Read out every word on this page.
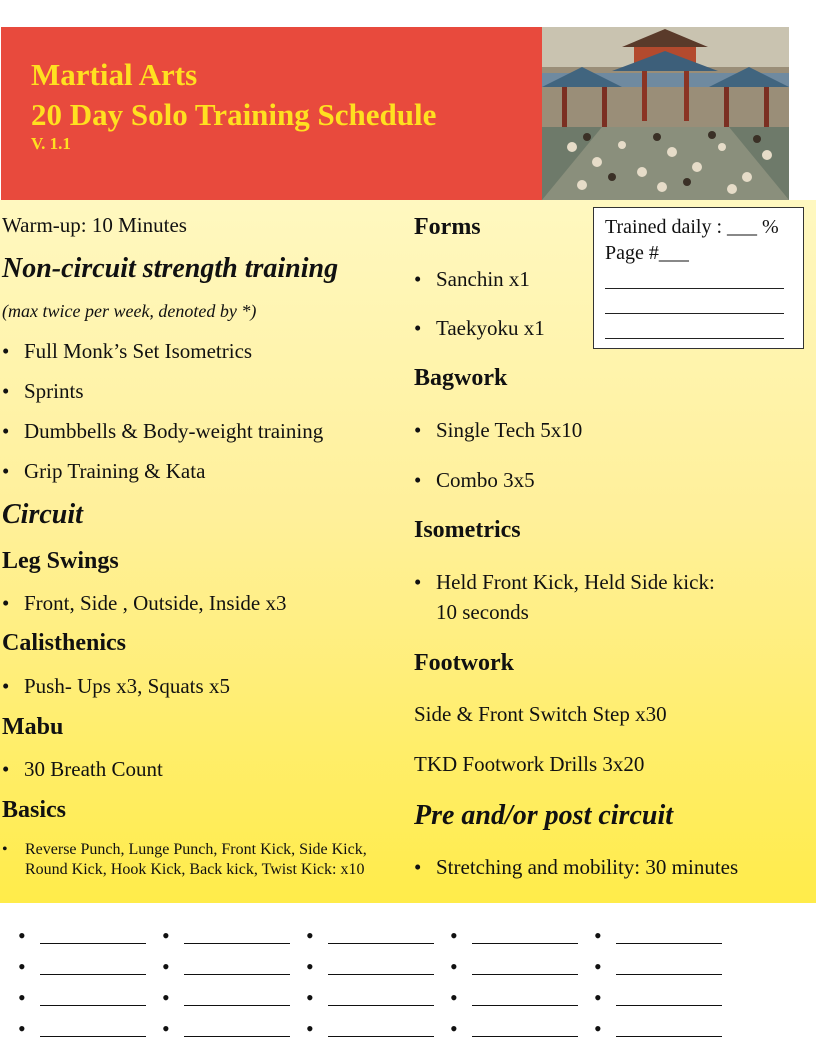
Martial Arts
20 Day Solo Training Schedule
V. 1.1
Warm-up: 10 Minutes
Non-circuit strength training
(max twice per week, denoted by *)
• Full Monk’s Set Isometrics
• Sprints
• Dumbbells & Body-weight training
• Grip Training & Kata
Circuit
Leg Swings
• Front, Side , Outside, Inside x3
Calisthenics
• Push- Ups x3, Squats x5
Mabu
• 30 Breath Count
Basics
• Reverse Punch, Lunge Punch, Front Kick, Side Kick, Round Kick, Hook Kick, Back kick, Twist Kick: x10
Forms
• Sanchin x1
• Taekyoku x1
Bagwork
• Single Tech 5x10
• Combo 3x5
Isometrics
• Held Front Kick, Held Side kick:
10 seconds
Footwork
Side & Front Switch Step x30
TKD Footwork Drills 3x20
Pre and/or post circuit
• Stretching and mobility: 30 minutes
Trained daily : ___ %
Page #___
•	•	•	•	•
•	•	•	•	•
•	•	•	•	•
•	•	•	•	•
